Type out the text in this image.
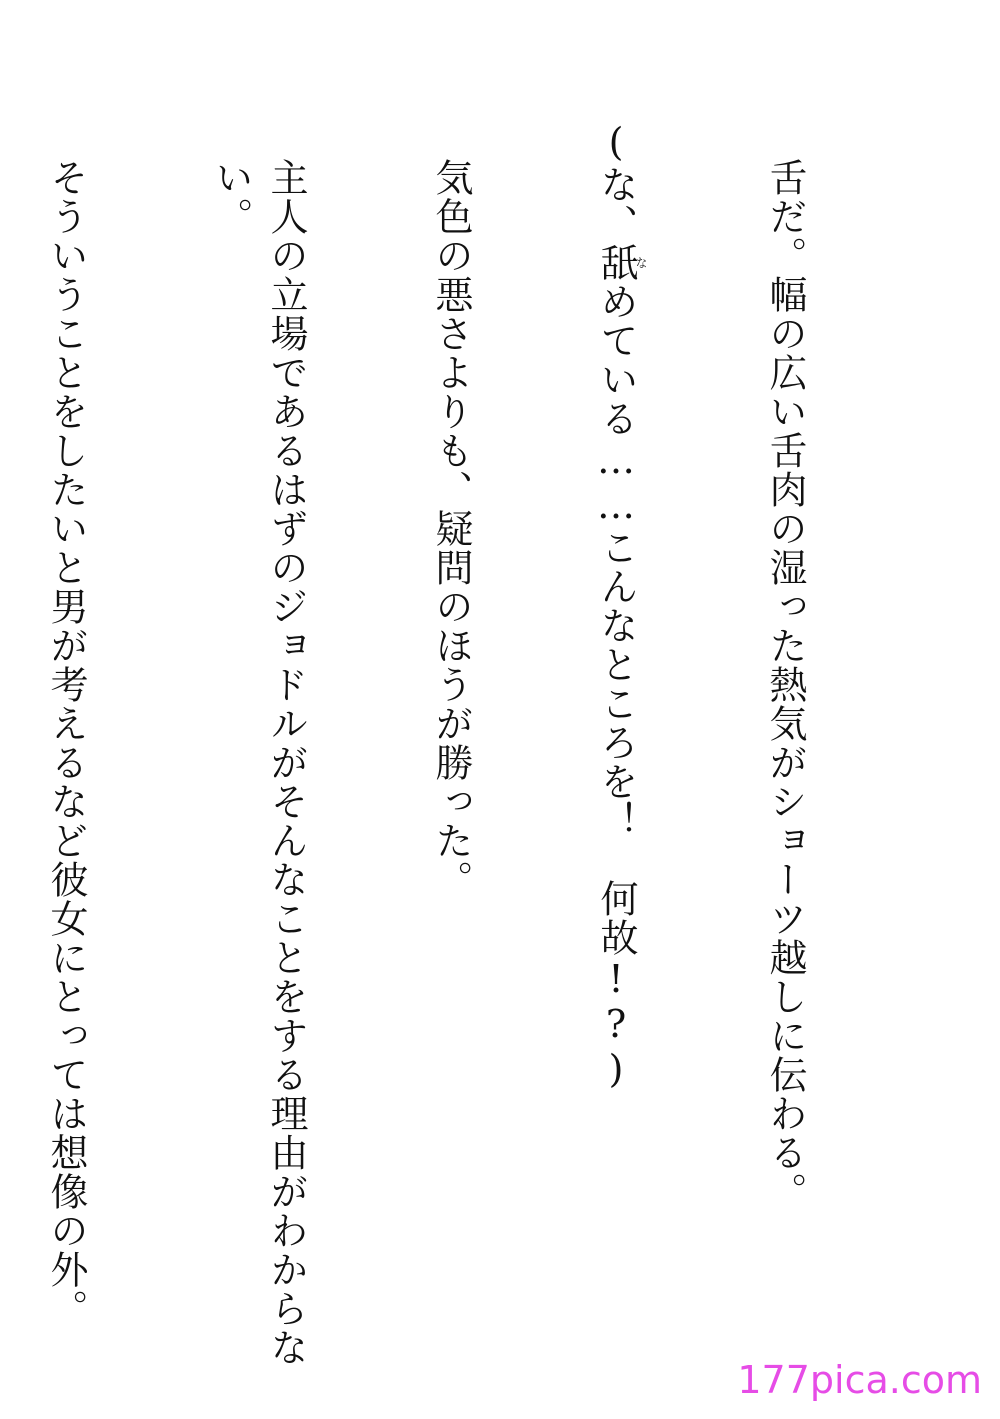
舌だ。幅の広い舌肉の湿った熱気がショーツ越しに伝わる。

(な、舐なめている……こんなところを！　何故!?)

気色の悪さよりも、疑問のほうが勝った。

主人の立場であるはずのジョドルがそんなことをする理由がわからない。

そういうことをしたいと男が考えるなど彼女にとっては想像の外。

177pica.com
